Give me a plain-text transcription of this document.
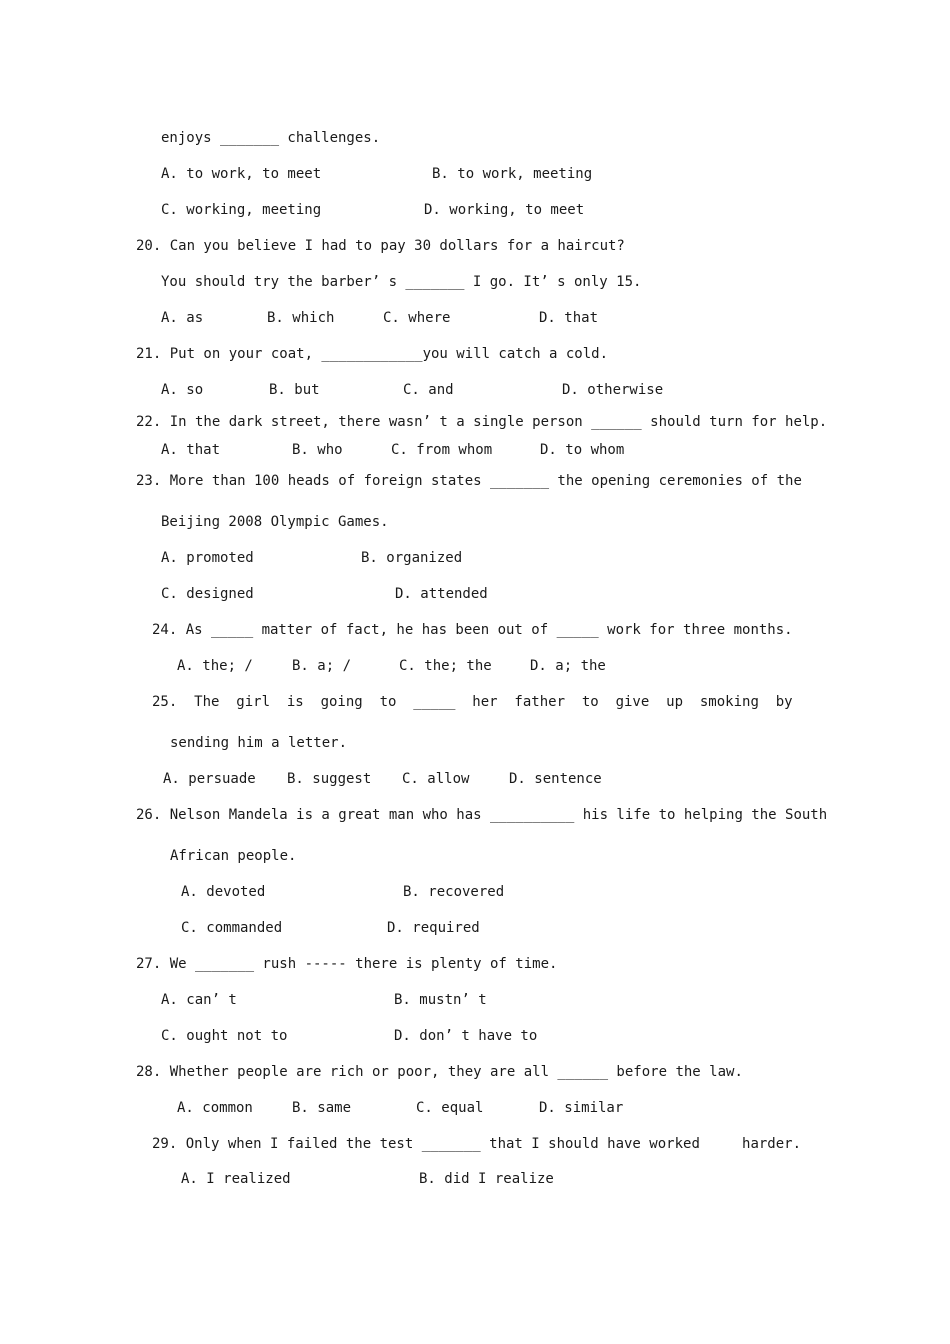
enjoys _______ challenges.
A. to work, to meet	B. to work, meeting
C. working, meeting	D. working, to meet
20. Can you believe I had to pay 30 dollars for a haircut?
You should try the barber’ s _______ I go. It’ s only 15.
A. as	B. which	C. where	D. that
21. Put on your coat, ____________you will catch a cold.
A. so	B. but	C. and	D. otherwise
22. In the dark street, there wasn’ t a single person ______ should turn for help.
A. that	B. who	C. from whom	D. to whom
23. More than 100 heads of foreign states _______ the opening ceremonies of the
Beijing 2008 Olympic Games.
A. promoted	B. organized
C. designed	D. attended
24. As _____ matter of fact, he has been out of _____ work for three months.
A. the; /	B. a; /	C. the; the	D. a; the
25.  The  girl  is  going  to  _____  her  father  to  give  up  smoking  by
sending him a letter.
A. persuade B. suggest C. allow	D. sentence
26. Nelson Mandela is a great man who has __________ his life to helping the South
African people.
A. devoted	B. recovered
C. commanded	D. required
27. We _______ rush ----- there is plenty of time.
A. can’ t	B. mustn’ t
C. ought not to	D. don’ t have to
28. Whether people are rich or poor, they are all ______ before the law.
A. common	B. same	C. equal	D. similar
29. Only when I failed the test _______ that I should have worked     harder.
A. I realized	B. did I realize
